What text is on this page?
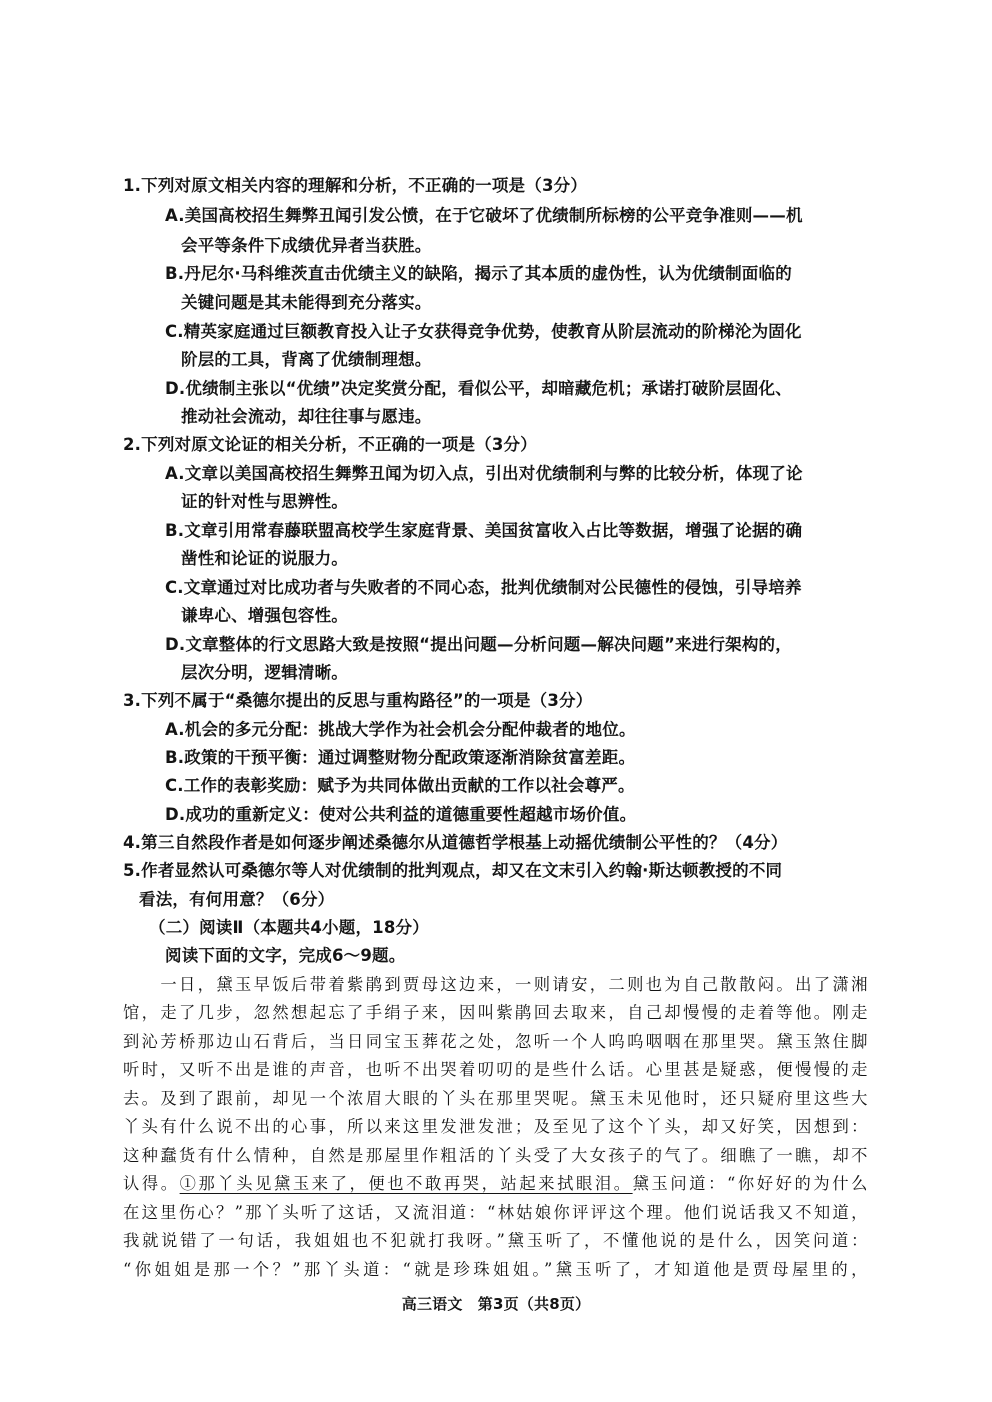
1.下列对原文相关内容的理解和分析，不正确的一项是（3分）
A.美国高校招生舞弊丑闻引发公愤，在于它破坏了优绩制所标榜的公平竞争准则——机
会平等条件下成绩优异者当获胜。
B.丹尼尔·马科维茨直击优绩主义的缺陷，揭示了其本质的虚伪性，认为优绩制面临的
关键问题是其未能得到充分落实。
C.精英家庭通过巨额教育投入让子女获得竞争优势，使教育从阶层流动的阶梯沦为固化
阶层的工具，背离了优绩制理想。
D.优绩制主张以“优绩”决定奖赏分配，看似公平，却暗藏危机；承诺打破阶层固化、
推动社会流动，却往往事与愿违。
2.下列对原文论证的相关分析，不正确的一项是（3分）
A.文章以美国高校招生舞弊丑闻为切入点，引出对优绩制利与弊的比较分析，体现了论
证的针对性与思辨性。
B.文章引用常春藤联盟高校学生家庭背景、美国贫富收入占比等数据，增强了论据的确
凿性和论证的说服力。
C.文章通过对比成功者与失败者的不同心态，批判优绩制对公民德性的侵蚀，引导培养
谦卑心、增强包容性。
D.文章整体的行文思路大致是按照“提出问题—分析问题—解决问题”来进行架构的，
层次分明，逻辑清晰。
3.下列不属于“桑德尔提出的反思与重构路径”的一项是（3分）
A.机会的多元分配：挑战大学作为社会机会分配仲裁者的地位。
B.政策的干预平衡：通过调整财物分配政策逐渐消除贫富差距。
C.工作的表彰奖励：赋予为共同体做出贡献的工作以社会尊严。
D.成功的重新定义：使对公共利益的道德重要性超越市场价值。
4.第三自然段作者是如何逐步阐述桑德尔从道德哲学根基上动摇优绩制公平性的？（4分）
5.作者显然认可桑德尔等人对优绩制的批判观点，却又在文末引入约翰·斯达顿教授的不同
看法，有何用意？（6分）
（二）阅读Ⅱ（本题共4小题，18分）
阅读下面的文字，完成6～9题。
　　一日，黛玉早饭后带着紫鹃到贾母这边来，一则请安，二则也为自己散散闷。出了潇湘
馆，走了几步，忽然想起忘了手绢子来，因叫紫鹃回去取来，自己却慢慢的走着等他。刚走
到沁芳桥那边山石背后，当日同宝玉葬花之处，忽听一个人呜呜咽咽在那里哭。黛玉煞住脚
听时，又听不出是谁的声音，也听不出哭着叨叨的是些什么话。心里甚是疑惑，便慢慢的走
去。及到了跟前，却见一个浓眉大眼的丫头在那里哭呢。黛玉未见他时，还只疑府里这些大
丫头有什么说不出的心事，所以来这里发泄发泄；及至见了这个丫头，却又好笑，因想到：
这种蠢货有什么情种，自然是那屋里作粗活的丫头受了大女孩子的气了。细瞧了一瞧，却不
认得。①那丫头见黛玉来了，便也不敢再哭，站起来拭眼泪。黛玉问道：“你好好的为什么
在这里伤心？”那丫头听了这话，又流泪道：“林姑娘你评评这个理。他们说话我又不知道，
我就说错了一句话，我姐姐也不犯就打我呀。”黛玉听了，不懂他说的是什么，因笑问道：
“你姐姐是那一个？”那丫头道：“就是珍珠姐姐。”黛玉听了，才知道他是贾母屋里的，
高三语文　第3页（共8页）
